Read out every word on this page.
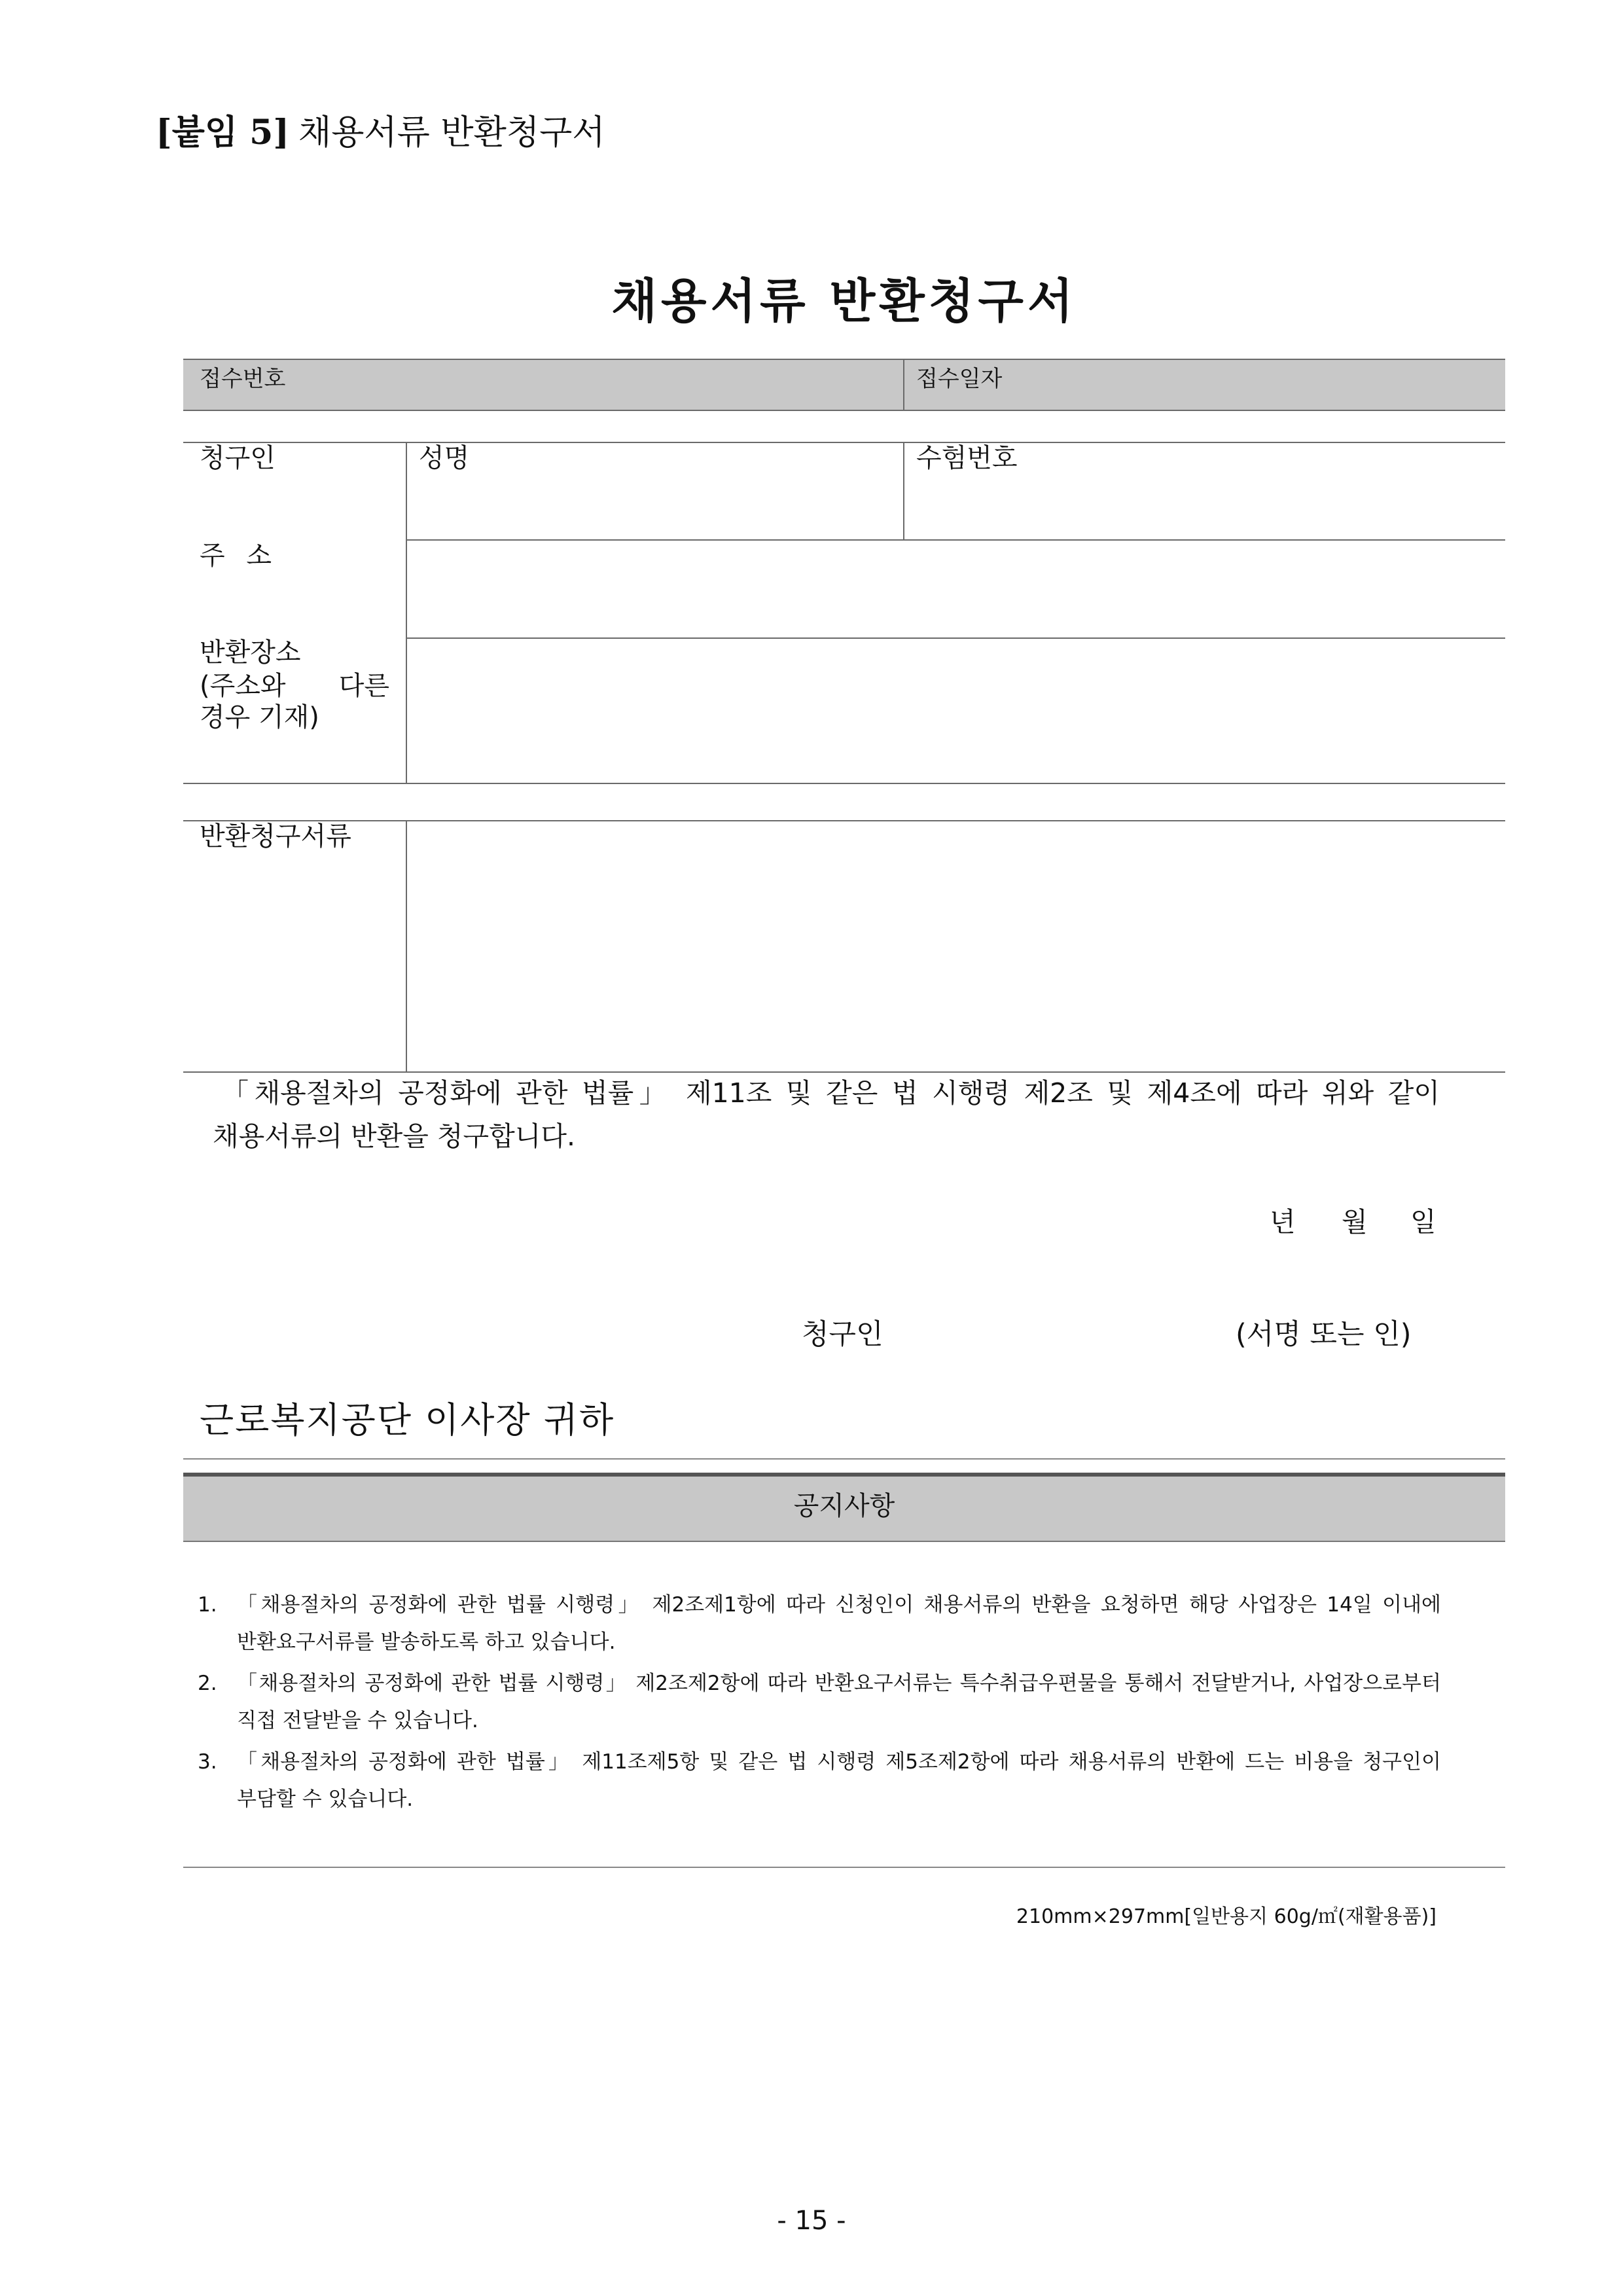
[붙임 5] 채용서류 반환청구서
채용서류 반환청구서
접수번호	접수일자
청구인	성명	수험번호
주 소
반환장소
(주소와 다른 경우 기재)
반환청구서류
「채용절차의 공정화에 관한 법률」 제11조 및 같은 법 시행령 제2조 및 제4조에 따라 위와 같이 채용서류의 반환을 청구합니다.
년 월 일
청구인	(서명 또는 인)
근로복지공단 이사장 귀하
공지사항
1. 「채용절차의 공정화에 관한 법률 시행령」 제2조제1항에 따라 신청인이 채용서류의 반환을 요청하면 해당 사업장은 14일 이내에 반환요구서류를 발송하도록 하고 있습니다.
2. 「채용절차의 공정화에 관한 법률 시행령」 제2조제2항에 따라 반환요구서류는 특수취급우편물을 통해서 전달받거나, 사업장으로부터 직접 전달받을 수 있습니다.
3. 「채용절차의 공정화에 관한 법률」 제11조제5항 및 같은 법 시행령 제5조제2항에 따라 채용서류의 반환에 드는 비용을 청구인이 부담할 수 있습니다.
210mm×297mm[일반용지 60g/㎡(재활용품)]
- 15 -
